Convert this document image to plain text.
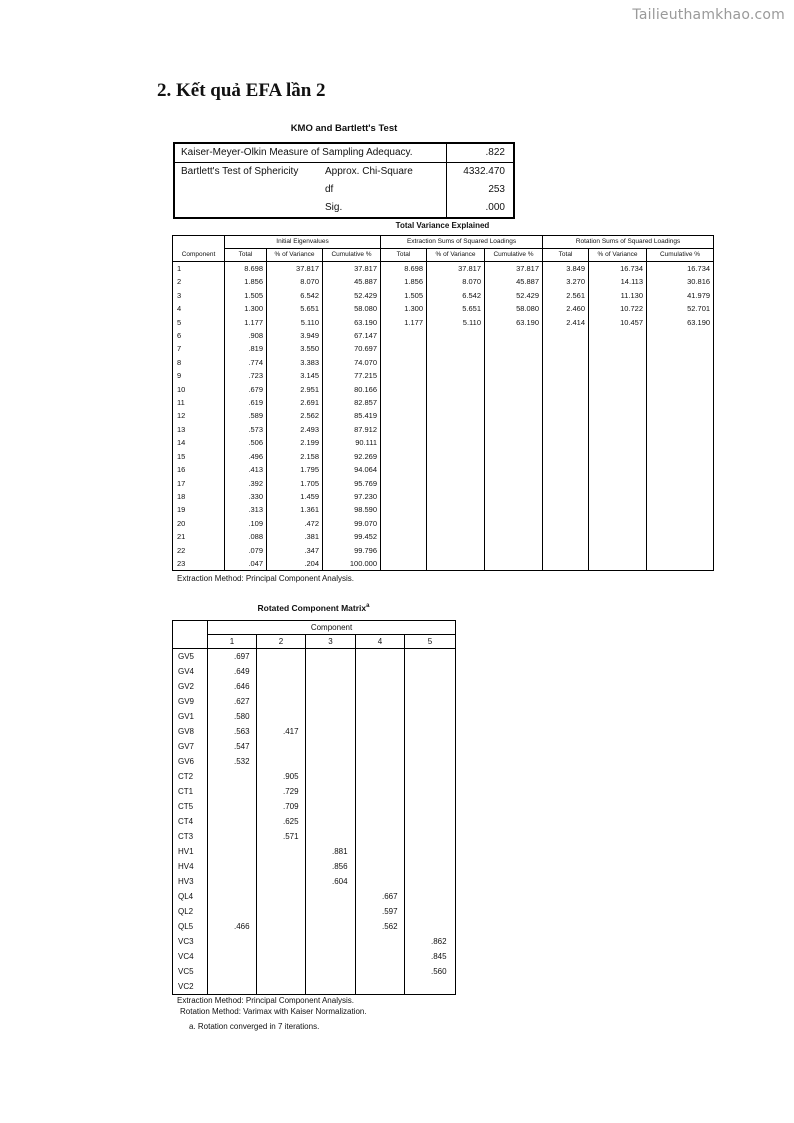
Tailieuthamkhao.com
2. Kết quả EFA lần 2
KMO and Bartlett's Test
Kaiser-Meyer-Olkin Measure of Sampling Adequacy.		.822
Bartlett's Test of Sphericity	Approx. Chi-Square	4332.470
	df	253
	Sig.	.000
Total Variance Explained
Component	Initial Eigenvalues			Extraction Sums of Squared Loadings			Rotation Sums of Squared Loadings		
	Total	% of Variance	Cumulative %	Total	% of Variance	Cumulative %	Total	% of Variance	Cumulative %
1	8.698	37.817	37.817	8.698	37.817	37.817	3.849	16.734	16.734
2	1.856	8.070	45.887	1.856	8.070	45.887	3.270	14.113	30.816
3	1.505	6.542	52.429	1.505	6.542	52.429	2.561	11.130	41.979
4	1.300	5.651	58.080	1.300	5.651	58.080	2.460	10.722	52.701
5	1.177	5.110	63.190	1.177	5.110	63.190	2.414	10.457	63.190
6	.908	3.949	67.147						
7	.819	3.550	70.697						
8	.774	3.383	74.070						
9	.723	3.145	77.215						
10	.679	2.951	80.166						
11	.619	2.691	82.857						
12	.589	2.562	85.419						
13	.573	2.493	87.912						
14	.506	2.199	90.111						
15	.496	2.158	92.269						
16	.413	1.795	94.064						
17	.392	1.705	95.769						
18	.330	1.459	97.230						
19	.313	1.361	98.590						
20	.109	.472	99.070						
21	.088	.381	99.452						
22	.079	.347	99.796						
23	.047	.204	100.000						
Extraction Method: Principal Component Analysis.
Rotated Component Matrix$^a$
	Component				
	1	2	3	4	5
GV5	.697				
GV4	.649				
GV2	.646				
GV9	.627				
GV1	.580				
GV8	.563	.417			
GV7	.547				
GV6	.532				
CT2		.905			
CT1		.729			
CT5		.709			
CT4		.625			
CT3		.571			
HV1			.881		
HV4			.856		
HV3			.604		
QL4				.667	
QL2				.597	
QL5	.466			.562	
VC3					.862
VC4					.845
VC5					.560
VC2					
Extraction Method: Principal Component Analysis.
Rotation Method: Varimax with Kaiser Normalization.
a. Rotation converged in 7 iterations.
